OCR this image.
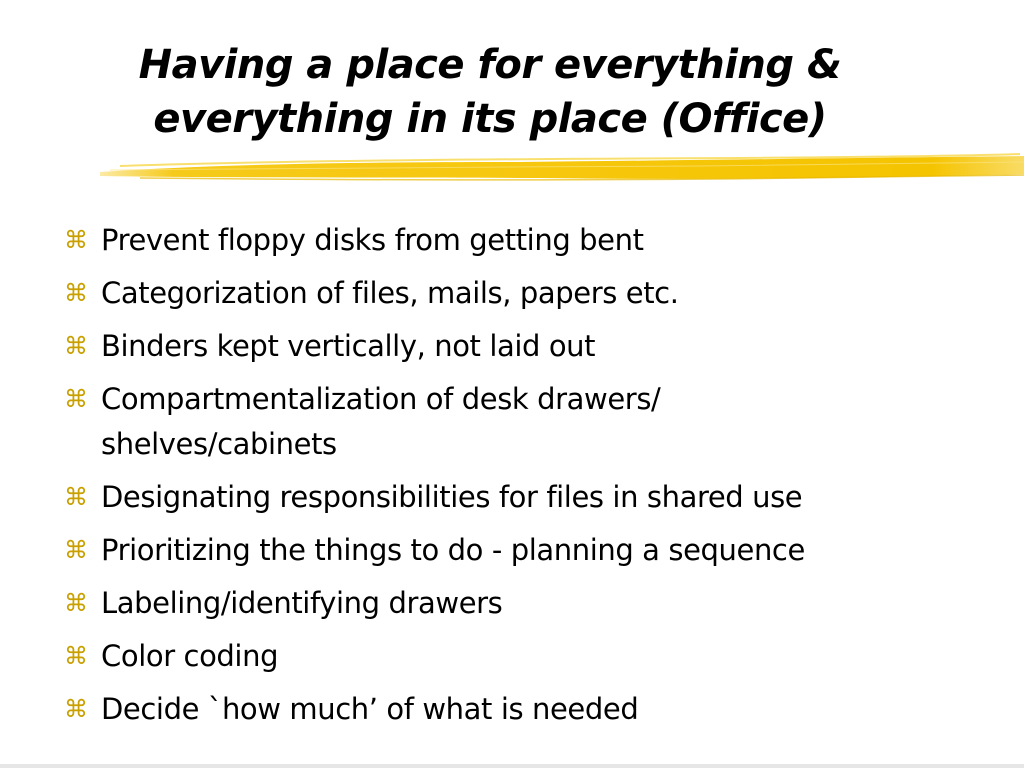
Having a place for everything &
everything in its place (Office)
⌘ Prevent floppy disks from getting bent
⌘ Categorization of files, mails, papers etc.
⌘ Binders kept vertically, not laid out
⌘ Compartmentalization of desk drawers/ shelves/cabinets
⌘ Designating responsibilities for files in shared use
⌘ Prioritizing the things to do - planning a sequence
⌘ Labeling/identifying drawers
⌘ Color coding
⌘ Decide `how much’ of what is needed
